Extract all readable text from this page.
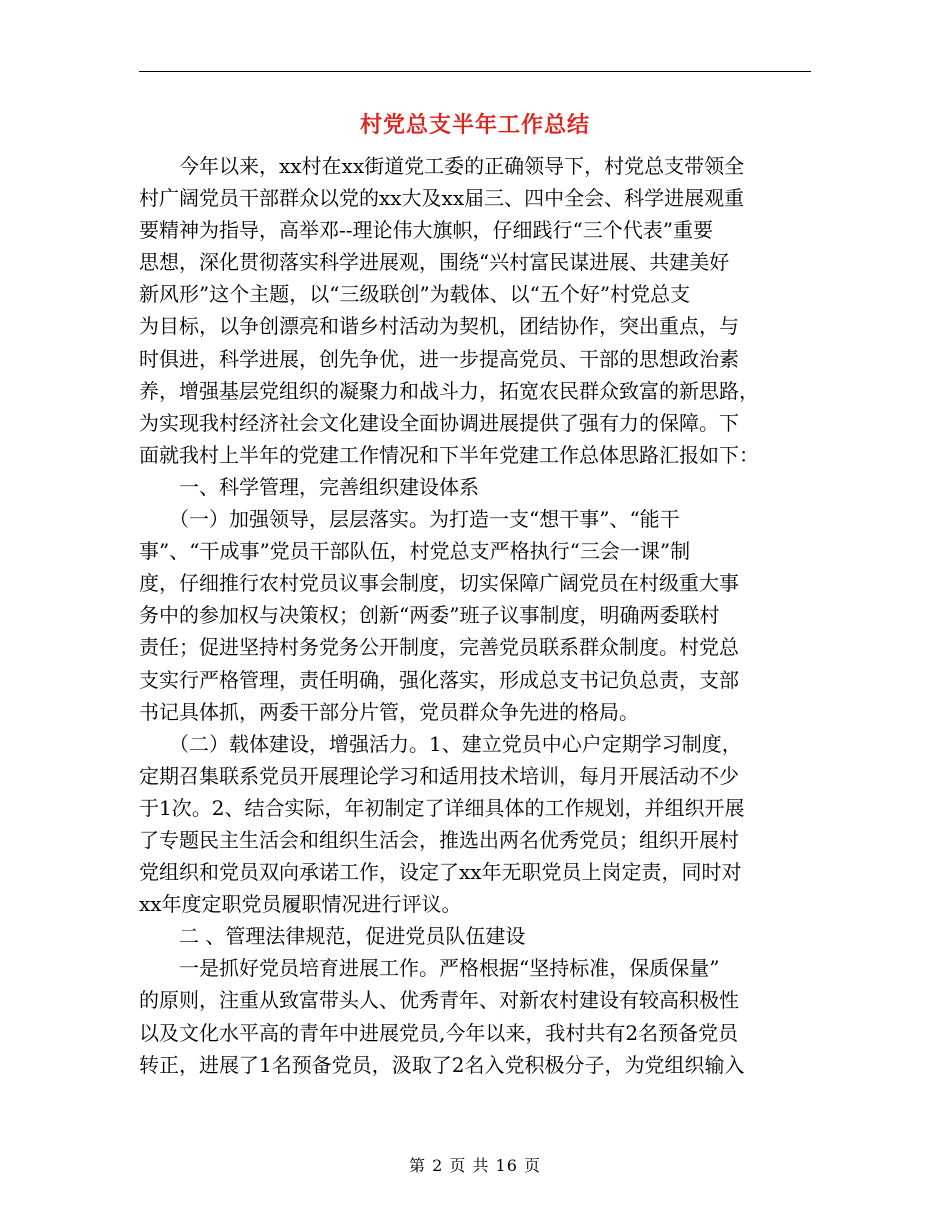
村党总支半年工作总结
　　今年以来，xx村在xx街道党工委的正确领导下，村党总支带领全
村广阔党员干部群众以党的xx大及xx届三、四中全会、科学进展观重
要精神为指导，高举邓--理论伟大旗帜，仔细践行“三个代表”重要
思想，深化贯彻落实科学进展观，围绕“兴村富民谋进展、共建美好
新风形”这个主题，以“三级联创”为载体、以“五个好”村党总支
为目标，以争创漂亮和谐乡村活动为契机，团结协作，突出重点，与
时俱进，科学进展，创先争优，进一步提高党员、干部的思想政治素
养，增强基层党组织的凝聚力和战斗力，拓宽农民群众致富的新思路，
为实现我村经济社会文化建设全面协调进展提供了强有力的保障。下
面就我村上半年的党建工作情况和下半年党建工作总体思路汇报如下：
　　一、科学管理，完善组织建设体系
　　（一）加强领导，层层落实。为打造一支“想干事”、“能干
事”、“干成事”党员干部队伍，村党总支严格执行“三会一课”制
度，仔细推行农村党员议事会制度，切实保障广阔党员在村级重大事
务中的参加权与决策权；创新“两委”班子议事制度，明确两委联村
责任；促进坚持村务党务公开制度，完善党员联系群众制度。村党总
支实行严格管理，责任明确，强化落实，形成总支书记负总责，支部
书记具体抓，两委干部分片管，党员群众争先进的格局。
　　（二）载体建设，增强活力。1、建立党员中心户定期学习制度，
定期召集联系党员开展理论学习和适用技术培训，每月开展活动不少
于1次。2、结合实际，年初制定了详细具体的工作规划，并组织开展
了专题民主生活会和组织生活会，推选出两名优秀党员；组织开展村
党组织和党员双向承诺工作，设定了xx年无职党员上岗定责，同时对
xx年度定职党员履职情况进行评议。
　　二 、管理法律规范，促进党员队伍建设
　　一是抓好党员培育进展工作。严格根据“坚持标准，保质保量”
的原则，注重从致富带头人、优秀青年、对新农村建设有较高积极性
以及文化水平高的青年中进展党员,今年以来，我村共有2名预备党员
转正，进展了1名预备党员，汲取了2名入党积极分子，为党组织输入
第 2 页 共 16 页
